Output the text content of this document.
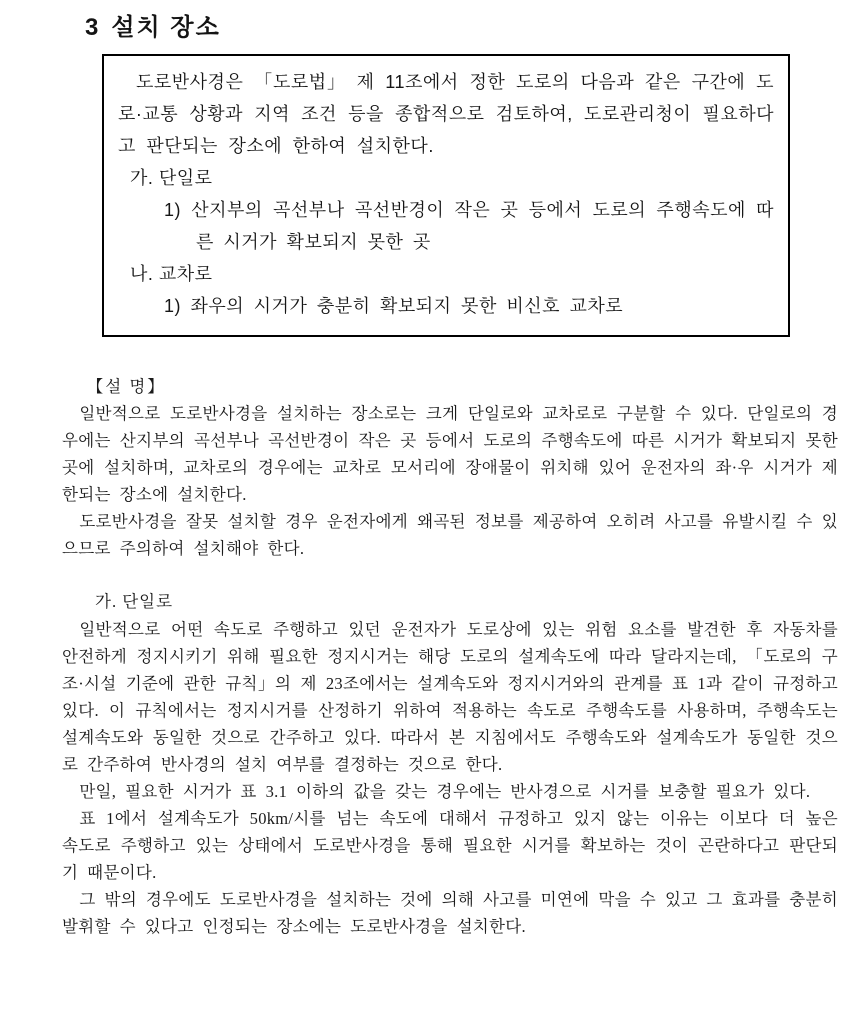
3 설치 장소

도로반사경은 「도로법」 제 11조에서 정한 도로의 다음과 같은 구간에 도로·교통 상황과 지역 조건 등을 종합적으로 검토하여, 도로관리청이 필요하다고 판단되는 장소에 한하여 설치한다.

가. 단일로

1) 산지부의 곡선부나 곡선반경이 작은 곳 등에서 도로의 주행속도에 따른 시거가 확보되지 못한 곳

나. 교차로

1) 좌우의 시거가 충분히 확보되지 못한 비신호 교차로

【설 명】

일반적으로 도로반사경을 설치하는 장소로는 크게 단일로와 교차로로 구분할 수 있다. 단일로의 경우에는 산지부의 곡선부나 곡선반경이 작은 곳 등에서 도로의 주행속도에 따른 시거가 확보되지 못한 곳에 설치하며, 교차로의 경우에는 교차로 모서리에 장애물이 위치해 있어 운전자의 좌·우 시거가 제한되는 장소에 설치한다.

도로반사경을 잘못 설치할 경우 운전자에게 왜곡된 정보를 제공하여 오히려 사고를 유발시킬 수 있으므로 주의하여 설치해야 한다.

가. 단일로

일반적으로 어떤 속도로 주행하고 있던 운전자가 도로상에 있는 위험 요소를 발견한 후 자동차를 안전하게 정지시키기 위해 필요한 정지시거는 해당 도로의 설계속도에 따라 달라지는데, 「도로의 구조·시설 기준에 관한 규칙」의 제 23조에서는 설계속도와 정지시거와의 관계를 표 1과 같이 규정하고 있다. 이 규칙에서는 정지시거를 산정하기 위하여 적용하는 속도로 주행속도를 사용하며, 주행속도는 설계속도와 동일한 것으로 간주하고 있다. 따라서 본 지침에서도 주행속도와 설계속도가 동일한 것으로 간주하여 반사경의 설치 여부를 결정하는 것으로 한다.

만일, 필요한 시거가 표 3.1 이하의 값을 갖는 경우에는 반사경으로 시거를 보충할 필요가 있다.

표 1에서 설계속도가 50km/시를 넘는 속도에 대해서 규정하고 있지 않는 이유는 이보다 더 높은 속도로 주행하고 있는 상태에서 도로반사경을 통해 필요한 시거를 확보하는 것이 곤란하다고 판단되기 때문이다.

그 밖의 경우에도 도로반사경을 설치하는 것에 의해 사고를 미연에 막을 수 있고 그 효과를 충분히 발휘할 수 있다고 인정되는 장소에는 도로반사경을 설치한다.
